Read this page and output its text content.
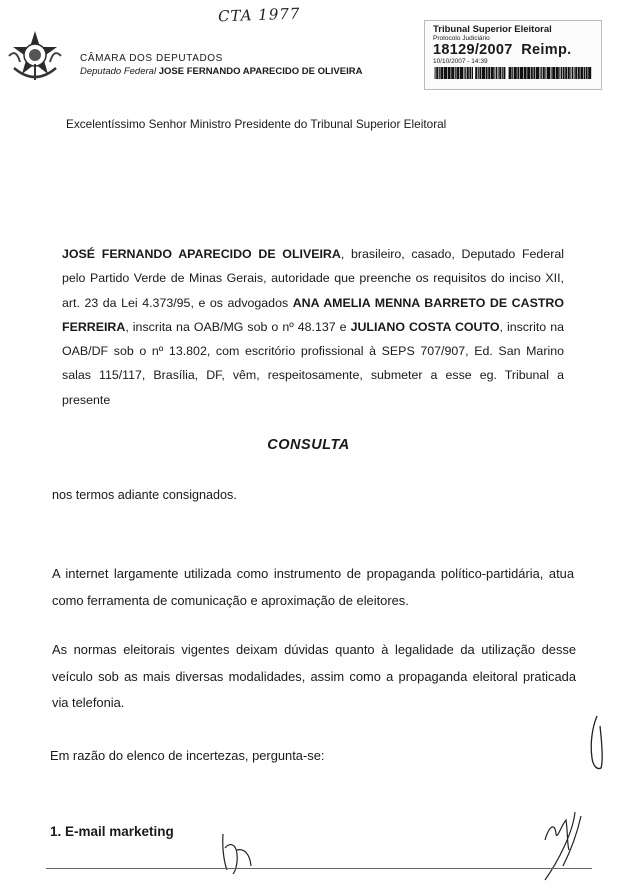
CTA 1977
CÂMARA DOS DEPUTADOS
Deputado Federal JOSE FERNANDO APARECIDO DE OLIVEIRA
Tribunal Superior Eleitoral
Protocolo Judiciário
18129/2007 Reimp.
10/10/2007 - 14:39
Excelentíssimo Senhor Ministro Presidente do Tribunal Superior Eleitoral
JOSÉ FERNANDO APARECIDO DE OLIVEIRA, brasileiro, casado, Deputado Federal pelo Partido Verde de Minas Gerais, autoridade que preenche os requisitos do inciso XII, art. 23 da Lei 4.373/95, e os advogados ANA AMELIA MENNA BARRETO DE CASTRO FERREIRA, inscrita na OAB/MG sob o nº 48.137 e JULIANO COSTA COUTO, inscrito na OAB/DF sob o nº 13.802, com escritório profissional à SEPS 707/907, Ed. San Marino salas 115/117, Brasília, DF, vêm, respeitosamente, submeter a esse eg. Tribunal a presente
CONSULTA
nos termos adiante consignados.
A internet largamente utilizada como instrumento de propaganda político-partidária, atua como ferramenta de comunicação e aproximação de eleitores.
As normas eleitorais vigentes deixam dúvidas quanto à legalidade da utilização desse veículo sob as mais diversas modalidades, assim como a propaganda eleitoral praticada via telefonia.
Em razão do elenco de incertezas, pergunta-se:
1. E-mail marketing
